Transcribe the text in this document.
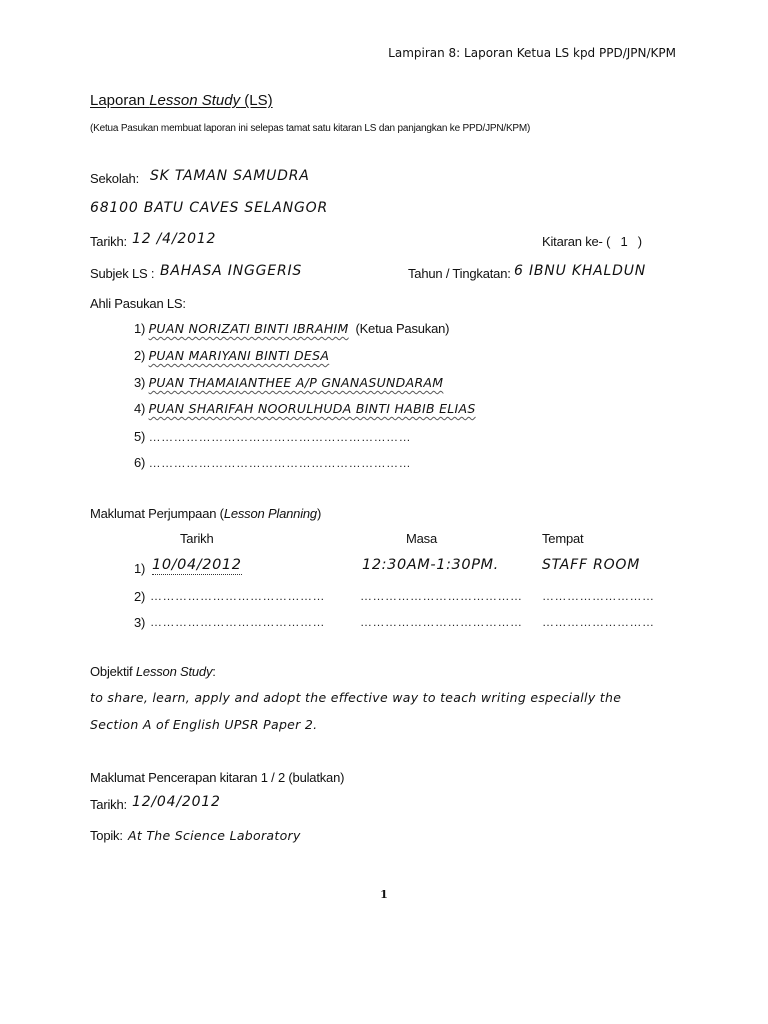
Lampiran 8: Laporan Ketua LS kpd PPD/JPN/KPM
Laporan Lesson Study (LS)
(Ketua Pasukan membuat laporan ini selepas tamat satu kitaran LS dan panjangkan ke PPD/JPN/KPM)
Sekolah: SK TAMAN SAMUDRA
68100 BATU CAVES SELANGOR
Tarikh: 12 /4/2012	Kitaran ke- ( 1 )
Subjek LS : BAHASA INGGERIS	Tahun / Tingkatan: 6 IBNU KHALDUN
Ahli Pasukan LS:
1) PUAN NORIZATI BINTI IBRAHIM (Ketua Pasukan)
2) PUAN MARIYANI BINTI DESA
3) PUAN THAMAIANTHEE A/P GNANASUNDARAM
4) PUAN SHARIFAH NOORULHUDA BINTI HABIB ELIAS
5) ………………………………………………………
6) ………………………………………………………
Maklumat Perjumpaan (Lesson Planning)
Tarikh	Masa	Tempat
1) 10/04/2012	12:30AM-1:30PM.	STAFF ROOM
2) ……………………………………	………………………………… ………………………
3) ……………………………………	………………………………… ………………………
Objektif Lesson Study:
to share, learn, apply and adopt the effective way to teach writing especially the
Section A of English UPSR Paper 2.
Maklumat Pencerapan kitaran 1 / 2 (bulatkan)
Tarikh: 12/04/2012
Topik: At The Science Laboratory
1
